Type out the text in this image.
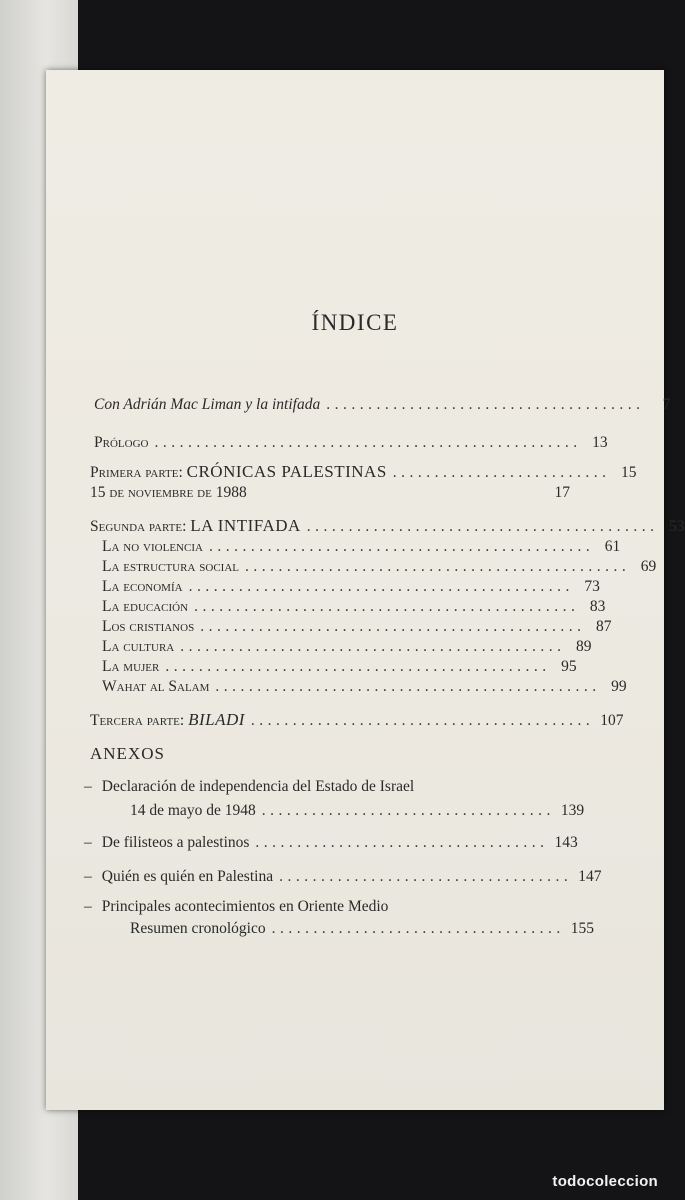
ÍNDICE
Con Adrián Mac Liman y la intifada ......................................	7
Prólogo ................................................... 13
Primera parte: CRÓNICAS PALESTINAS .......................... 15
15 de noviembre de 1988	17
Segunda parte: LA INTIFADA .......................................... 53
La no violencia .............................................. 61
La estructura social .............................................. 69
La economía .............................................. 73
La educación .............................................. 83
Los cristianos .............................................. 87
La cultura .............................................. 89
La mujer .............................................. 95
Wahat al Salam .............................................. 99
Tercera parte: BILADI ......................................... 107
ANEXOS
– Declaración de independencia del Estado de Israel
14 de mayo de 1948 ................................... 139
– De filisteos a palestinos ................................... 143
– Quién es quién en Palestina ................................... 147
– Principales acontecimientos en Oriente Medio
Resumen cronológico ................................... 155
todocoleccion
